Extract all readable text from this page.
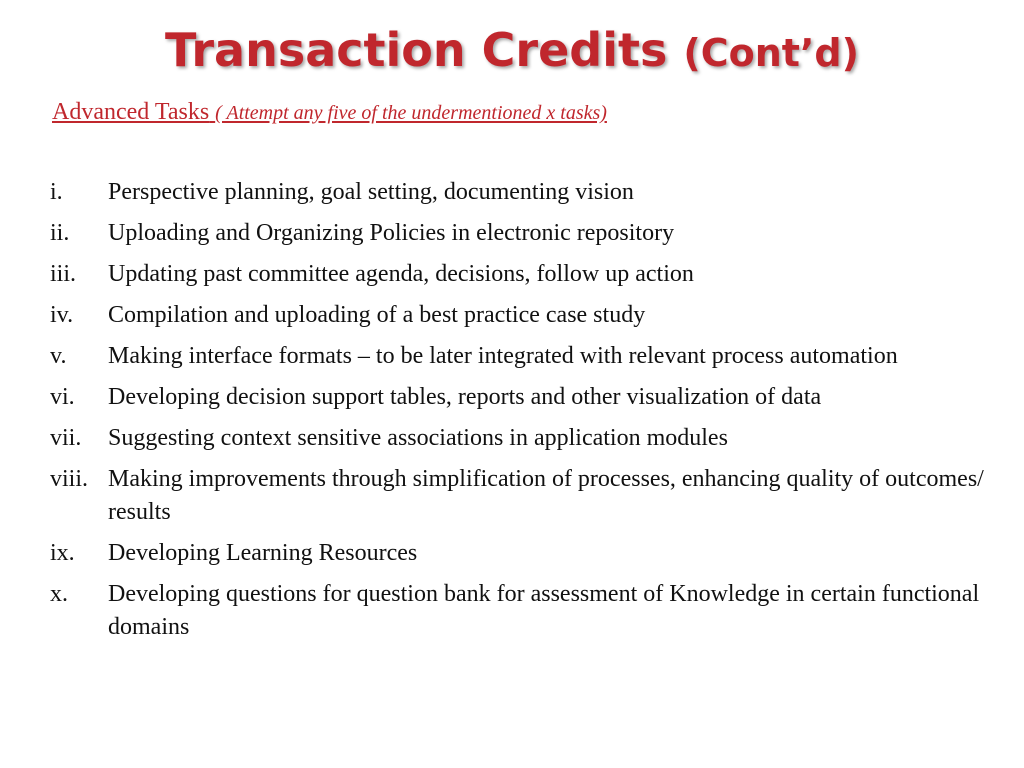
Transaction Credits (Cont’d)
Advanced Tasks ( Attempt any five of the undermentioned x tasks)
i.	Perspective planning, goal setting, documenting vision
ii.	Uploading and Organizing Policies in electronic repository
iii.	Updating past committee agenda, decisions, follow up action
iv.	Compilation and uploading of a best practice case study
v.	Making interface formats – to be later integrated with relevant process automation
vi.	Developing decision support tables, reports and other visualization of data
vii.	Suggesting context sensitive associations in application modules
viii. Making improvements through simplification of processes, enhancing quality of outcomes/ results
ix.	Developing Learning Resources
x.	Developing questions for question bank for assessment of Knowledge in certain functional domains
